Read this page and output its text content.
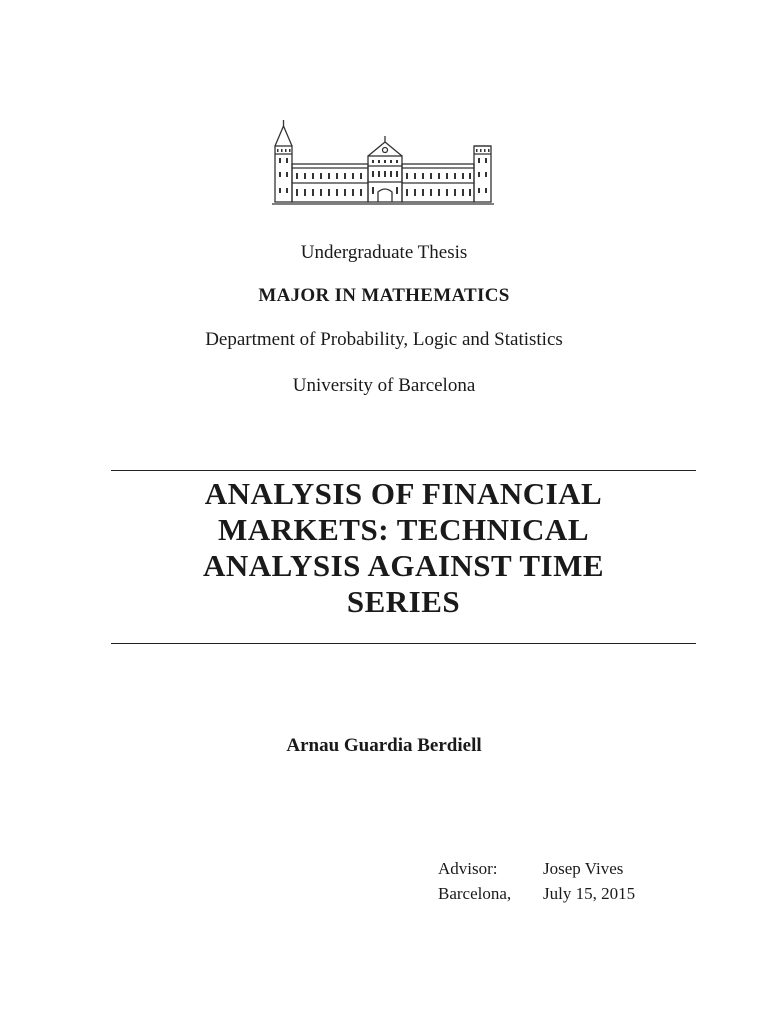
Undergraduate Thesis
MAJOR IN MATHEMATICS
Department of Probability, Logic and Statistics
University of Barcelona
ANALYSIS OF FINANCIAL
MARKETS: TECHNICAL
ANALYSIS AGAINST TIME
SERIES
Arnau Guardia Berdiell
Advisor:	Josep Vives
Barcelona,	July 15, 2015
